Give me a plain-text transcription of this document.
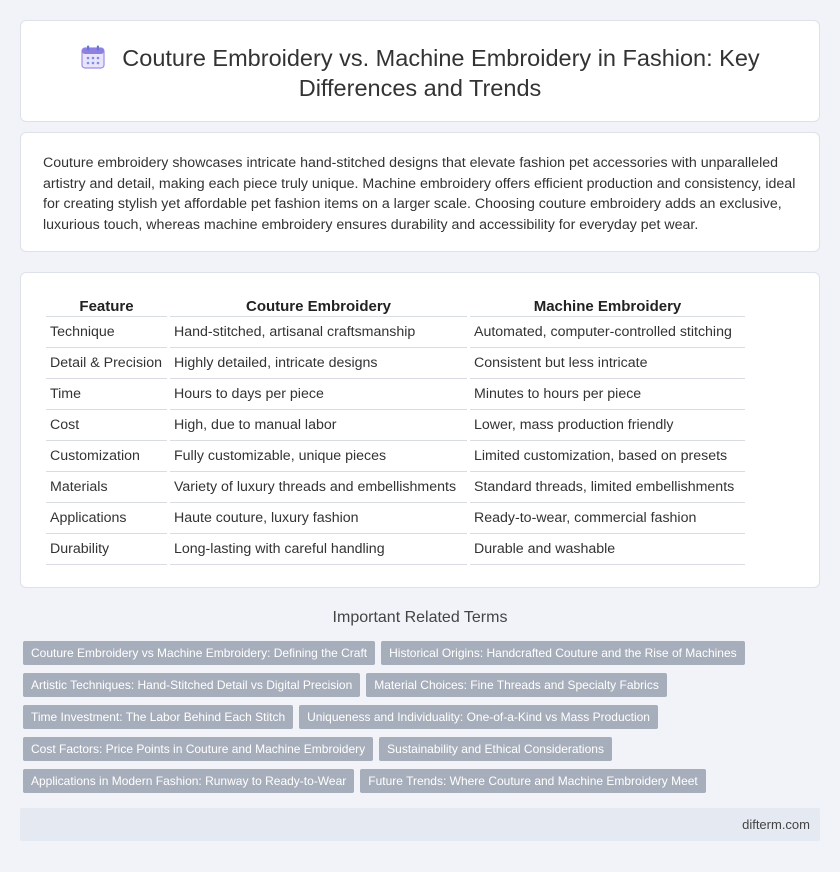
Couture Embroidery vs. Machine Embroidery in Fashion: Key Differences and Trends

Couture embroidery showcases intricate hand-stitched designs that elevate fashion pet accessories with unparalleled artistry and detail, making each piece truly unique. Machine embroidery offers efficient production and consistency, ideal for creating stylish yet affordable pet fashion items on a larger scale. Choosing couture embroidery adds an exclusive, luxurious touch, whereas machine embroidery ensures durability and accessibility for everyday pet wear.

Feature	Couture Embroidery	Machine Embroidery
Technique	Hand-stitched, artisanal craftsmanship	Automated, computer-controlled stitching
Detail & Precision	Highly detailed, intricate designs	Consistent but less intricate
Time	Hours to days per piece	Minutes to hours per piece
Cost	High, due to manual labor	Lower, mass production friendly
Customization	Fully customizable, unique pieces	Limited customization, based on presets
Materials	Variety of luxury threads and embellishments	Standard threads, limited embellishments
Applications	Haute couture, luxury fashion	Ready-to-wear, commercial fashion
Durability	Long-lasting with careful handling	Durable and washable
Important Related Terms
Couture Embroidery vs Machine Embroidery: Defining the Craft	Historical Origins: Handcrafted Couture and the Rise of Machines
Artistic Techniques: Hand-Stitched Detail vs Digital Precision	Material Choices: Fine Threads and Specialty Fabrics
Time Investment: The Labor Behind Each Stitch	Uniqueness and Individuality: One-of-a-Kind vs Mass Production
Cost Factors: Price Points in Couture and Machine Embroidery	Sustainability and Ethical Considerations
Applications in Modern Fashion: Runway to Ready-to-Wear	Future Trends: Where Couture and Machine Embroidery Meet
difterm.com
